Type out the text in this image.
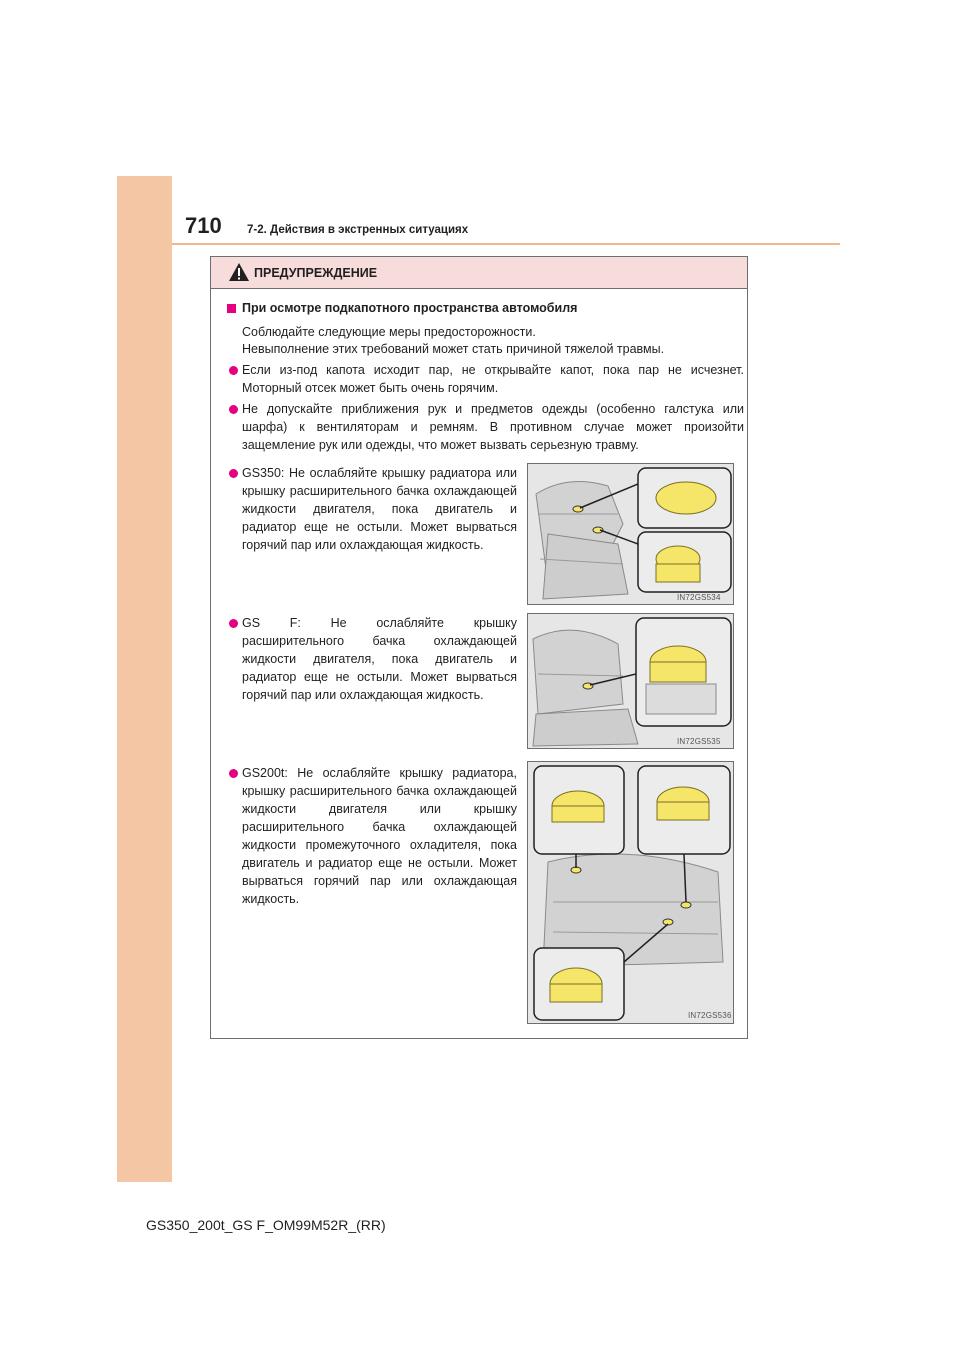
710 7-2. Действия в экстренных ситуациях
ПРЕДУПРЕЖДЕНИЕ
При осмотре подкапотного пространства автомобиля
Соблюдайте следующие меры предосторожности.
Невыполнение этих требований может стать причиной тяжелой травмы.
Если из-под капота исходит пар, не открывайте капот, пока пар не исчезнет. Моторный отсек может быть очень горячим.
Не допускайте приближения рук и предметов одежды (особенно галстука или шарфа) к вентиляторам и ремням. В противном случае может произойти защемление рук или одежды, что может вызвать серьезную травму.
GS350: Не ослабляйте крышку радиатора или крышку расширительного бачка охлаждающей жидкости двигателя, пока двигатель и радиатор еще не остыли. Может вырваться горячий пар или охлаждающая жидкость.
GS F: Не ослабляйте крышку расширительного бачка охлаждающей жидкости двигателя, пока двигатель и радиатор еще не остыли. Может вырваться горячий пар или охлаждающая жидкость.
GS200t: Не ослабляйте крышку радиатора, крышку расширительного бачка охлаждающей жидкости двигателя или крышку расширительного бачка охлаждающей жидкости промежуточного охладителя, пока двигатель и радиатор еще не остыли. Может вырваться горячий пар или охлаждающая жидкость.
IN72GS534
IN72GS535
IN72GS536
GS350_200t_GS F_OM99M52R_(RR)
